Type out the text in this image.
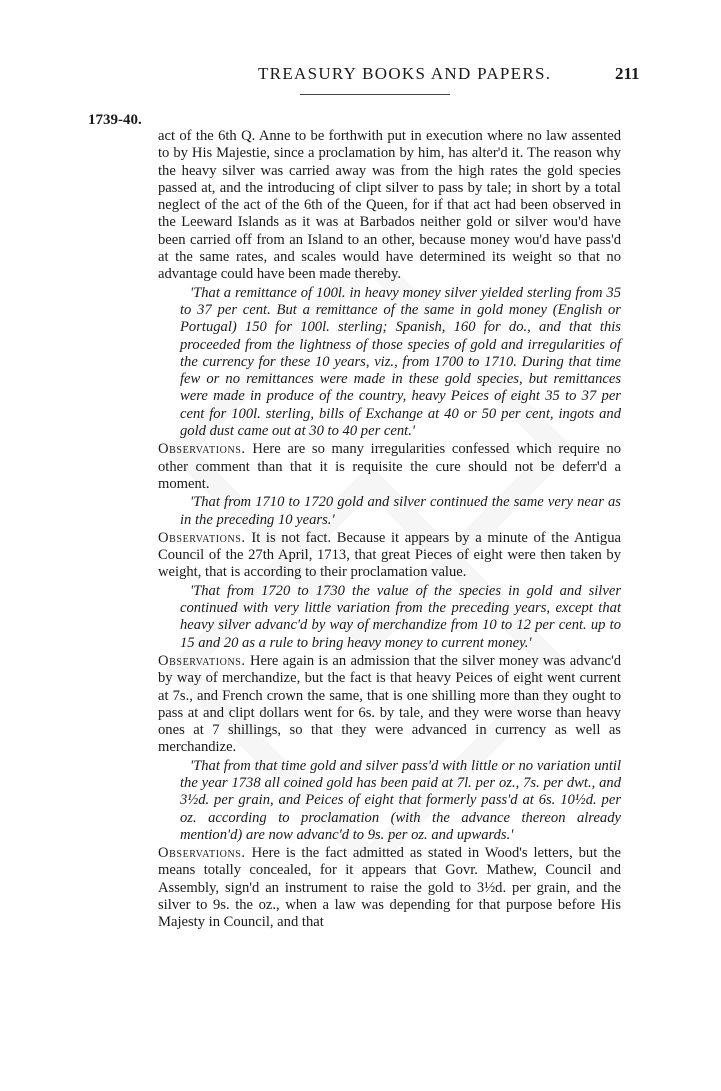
TREASURY BOOKS AND PAPERS.	211
1739-40.

act of the 6th Q. Anne to be forthwith put in execution where no law assented to by His Majestie, since a proclamation by him, has alter'd it. The reason why the heavy silver was carried away was from the high rates the gold species passed at, and the introducing of clipt silver to pass by tale; in short by a total neglect of the act of the 6th of the Queen, for if that act had been observed in the Leeward Islands as it was at Barbados neither gold or silver wou'd have been carried off from an Island to an other, because money wou'd have pass'd at the same rates, and scales would have determined its weight so that no advantage could have been made thereby.

'That a remittance of 100l. in heavy money silver yielded sterling from 35 to 37 per cent. But a remittance of the same in gold money (English or Portugal) 150 for 100l. sterling; Spanish, 160 for do., and that this proceeded from the lightness of those species of gold and irregularities of the currency for these 10 years, viz., from 1700 to 1710. During that time few or no remittances were made in these gold species, but remittances were made in produce of the country, heavy Peices of eight 35 to 37 per cent for 100l. sterling, bills of Exchange at 40 or 50 per cent, ingots and gold dust came out at 30 to 40 per cent.'

Observations. Here are so many irregularities confessed which require no other comment than that it is requisite the cure should not be deferr'd a moment.

'That from 1710 to 1720 gold and silver continued the same very near as in the preceding 10 years.'

Observations. It is not fact. Because it appears by a minute of the Antigua Council of the 27th April, 1713, that great Pieces of eight were then taken by weight, that is according to their proclamation value.

'That from 1720 to 1730 the value of the species in gold and silver continued with very little variation from the preceding years, except that heavy silver advanc'd by way of merchandize from 10 to 12 per cent. up to 15 and 20 as a rule to bring heavy money to current money.'

Observations. Here again is an admission that the silver money was advanc'd by way of merchandize, but the fact is that heavy Peices of eight went current at 7s., and French crown the same, that is one shilling more than they ought to pass at and clipt dollars went for 6s. by tale, and they were worse than heavy ones at 7 shillings, so that they were advanced in currency as well as merchandize.

'That from that time gold and silver pass'd with little or no variation until the year 1738 all coined gold has been paid at 7l. per oz., 7s. per dwt., and 3½d. per grain, and Peices of eight that formerly pass'd at 6s. 10½d. per oz. according to proclamation (with the advance thereon already mention'd) are now advanc'd to 9s. per oz. and upwards.'

Observations. Here is the fact admitted as stated in Wood's letters, but the means totally concealed, for it appears that Govr. Mathew, Council and Assembly, sign'd an instrument to raise the gold to 3½d. per grain, and the silver to 9s. the oz., when a law was depending for that purpose before His Majesty in Council, and that
